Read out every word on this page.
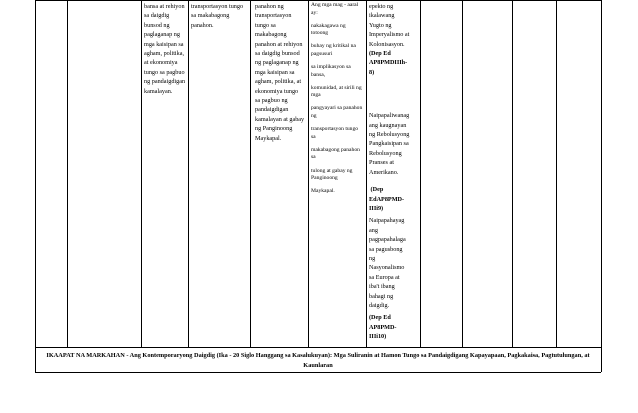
bansa at rehiyon

sa daigdig

bunsod ng

paglaganap ng

mga kaisipan sa

agham, politika,

at ekonomiya

tungo sa pagbuo

ng pandaigdigan

kamalayan.

transportasyon tungo

sa makabagong

panahon.

panahon ng

transportasyon

tungo sa

makabagong

panahon at rehiyon

sa daigdig bunsod

ng paglaganap ng

mga kaisipan sa

agham, politika, at

ekonomiya tungo

sa pagbuo ng

pandaigdigan

kamalayan at gabay

ng Panginoong

Maykapal.

Ang mga mag - aaral
ay:

nakakagawa ng
totoong

buhay ng kritikal na
pagsusuri

sa implikasyon sa
bansa,

komunidad, at sirili ng
mga

pangyayari sa panahon
ng

transportasyon tungo
sa

makabagong panahon
sa

tulong at gabay ng
Panginoong

Maykapal.

epekto ng

ikalawang

Yugto ng

Imperyalismo at

Kolonisasyon.

(Dep Ed

AP8PMDIIIh-

8)

Naipapaliwanag

ang kaugnayan

ng Rebolusyong

Pangkaisipan sa

Rebolusyong

Pranses at

Amerikano.

(Dep

EdAP8PMD-

IIIi9)

Naipapahayag

ang

pagpapahalaga

sa pagusbong

ng

Nasyonalismo

sa Europa at

iba't ibang

bahagi ng

daigdig.

(Dep Ed

AP8PMD-

IIIi10)

IKAAPAT NA MARKAHAN - Ang Kontemporaryong Daigdig (Ika - 20 Siglo Hanggang sa Kasalukuyan): Mga Suliranin at Hamon Tungo sa Pandaigdigang Kapayapaan, Pagkakaisa, Pagtutulungan, at
Kaunlaran
